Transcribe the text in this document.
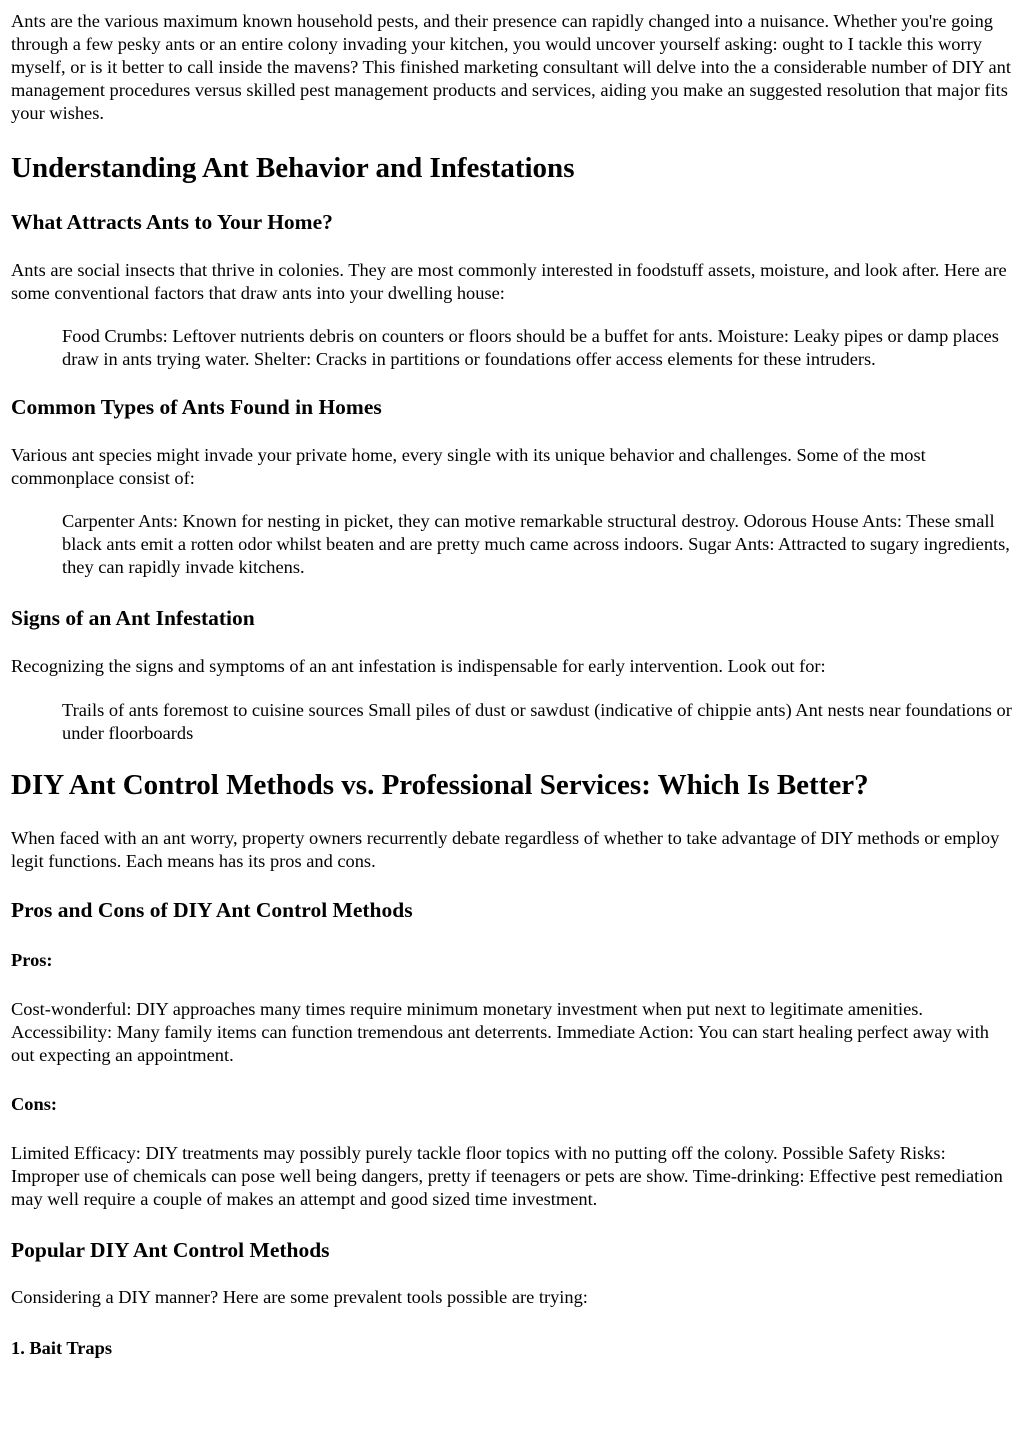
Ants are the various maximum known household pests, and their presence can rapidly changed into a nuisance. Whether you're going through a few pesky ants or an entire colony invading your kitchen, you would uncover yourself asking: ought to I tackle this worry myself, or is it better to call inside the mavens? This finished marketing consultant will delve into the a considerable number of DIY ant management procedures versus skilled pest management products and services, aiding you make an suggested resolution that major fits your wishes.

Understanding Ant Behavior and Infestations
What Attracts Ants to Your Home?

Ants are social insects that thrive in colonies. They are most commonly interested in foodstuff assets, moisture, and look after. Here are some conventional factors that draw ants into your dwelling house:

Food Crumbs: Leftover nutrients debris on counters or floors should be a buffet for ants. Moisture: Leaky pipes or damp places draw in ants trying water. Shelter: Cracks in partitions or foundations offer access elements for these intruders.
Common Types of Ants Found in Homes

Various ant species might invade your private home, every single with its unique behavior and challenges. Some of the most commonplace consist of:

Carpenter Ants: Known for nesting in picket, they can motive remarkable structural destroy. Odorous House Ants: These small black ants emit a rotten odor whilst beaten and are pretty much came across indoors. Sugar Ants: Attracted to sugary ingredients, they can rapidly invade kitchens.
Signs of an Ant Infestation

Recognizing the signs and symptoms of an ant infestation is indispensable for early intervention. Look out for:

Trails of ants foremost to cuisine sources Small piles of dust or sawdust (indicative of chippie ants) Ant nests near foundations or under floorboards
DIY Ant Control Methods vs. Professional Services: Which Is Better?

When faced with an ant worry, property owners recurrently debate regardless of whether to take advantage of DIY methods or employ legit functions. Each means has its pros and cons.

Pros and Cons of DIY Ant Control Methods
Pros:

Cost-wonderful: DIY approaches many times require minimum monetary investment when put next to legitimate amenities. Accessibility: Many family items can function tremendous ant deterrents. Immediate Action: You can start healing perfect away with out expecting an appointment.

Cons:

Limited Efficacy: DIY treatments may possibly purely tackle floor topics with no putting off the colony. Possible Safety Risks: Improper use of chemicals can pose well being dangers, pretty if teenagers or pets are show. Time-drinking: Effective pest remediation may well require a couple of makes an attempt and good sized time investment.

Popular DIY Ant Control Methods

Considering a DIY manner? Here are some prevalent tools possible are trying:

1. Bait Traps
